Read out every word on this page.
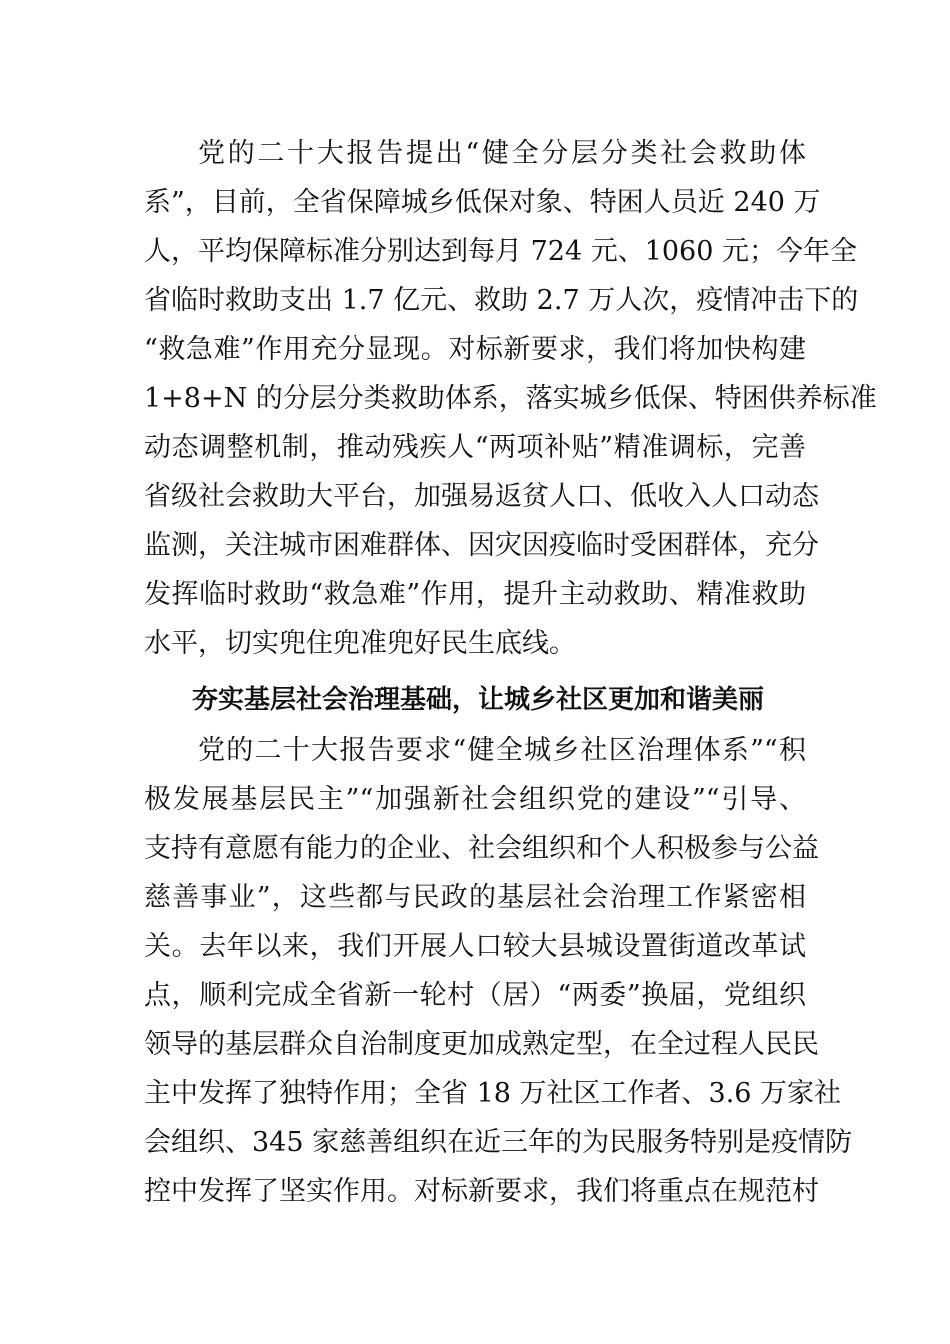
党的二十大报告提出“健全分层分类社会救助体
系”，目前，全省保障城乡低保对象、特困人员近 240 万
人，平均保障标准分别达到每月 724 元、1060 元；今年全
省临时救助支出 1.7 亿元、救助 2.7 万人次，疫情冲击下的
“救急难”作用充分显现。对标新要求，我们将加快构建
1+8+N 的分层分类救助体系，落实城乡低保、特困供养标准
动态调整机制，推动残疾人“两项补贴”精准调标，完善
省级社会救助大平台，加强易返贫人口、低收入人口动态
监测，关注城市困难群体、因灾因疫临时受困群体，充分
发挥临时救助“救急难”作用，提升主动救助、精准救助
水平，切实兜住兜准兜好民生底线。
夯实基层社会治理基础，让城乡社区更加和谐美丽
党的二十大报告要求“健全城乡社区治理体系”“积
极发展基层民主”“加强新社会组织党的建设”“引导、
支持有意愿有能力的企业、社会组织和个人积极参与公益
慈善事业”，这些都与民政的基层社会治理工作紧密相
关。去年以来，我们开展人口较大县城设置街道改革试
点，顺利完成全省新一轮村（居）“两委”换届，党组织
领导的基层群众自治制度更加成熟定型，在全过程人民民
主中发挥了独特作用；全省 18 万社区工作者、3.6 万家社
会组织、345 家慈善组织在近三年的为民服务特别是疫情防
控中发挥了坚实作用。对标新要求，我们将重点在规范村
